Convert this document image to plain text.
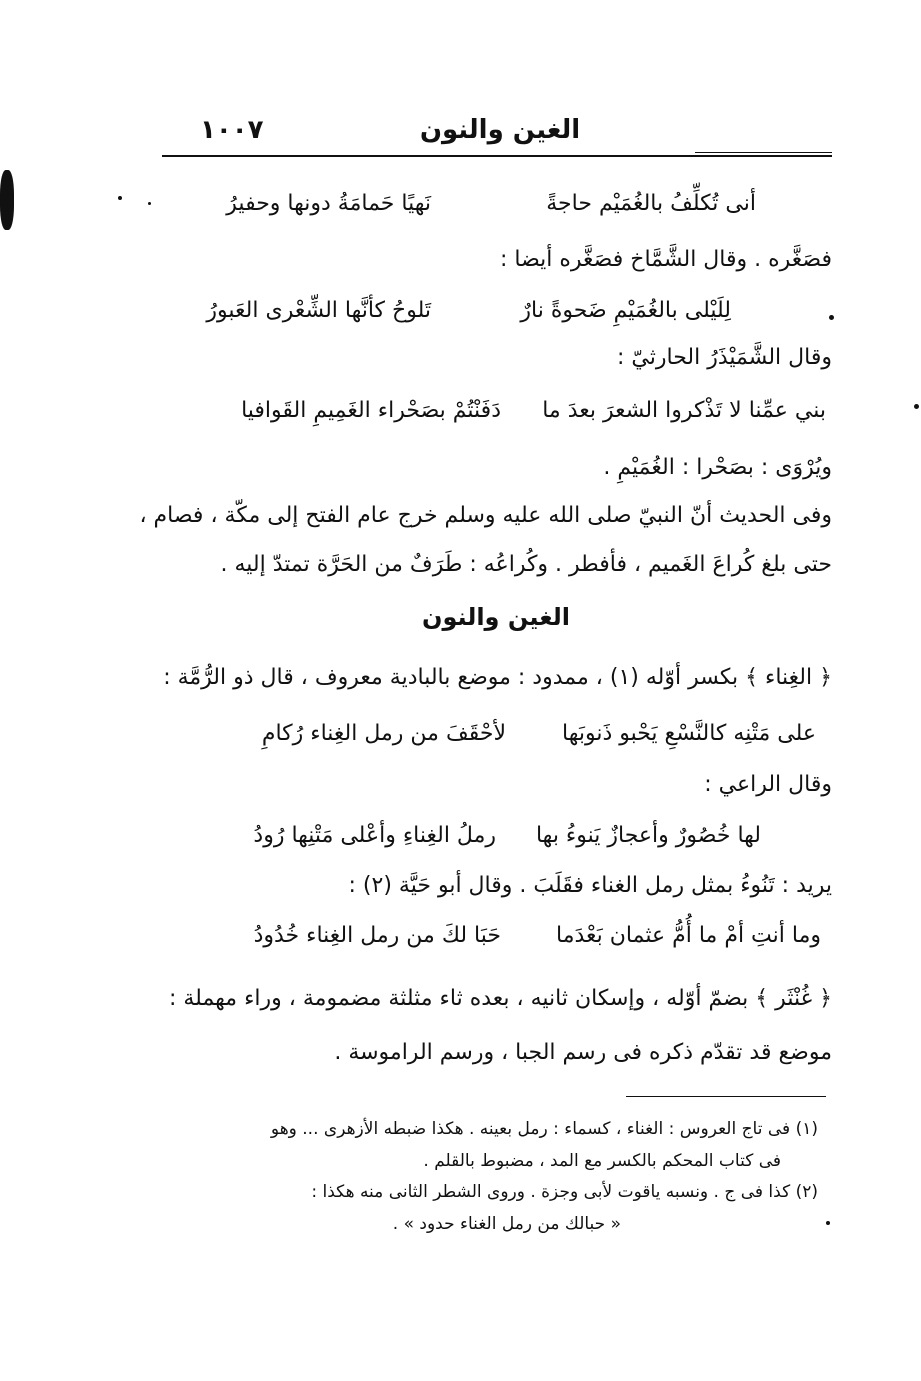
الغين والنون
١٠٠٧
أنى تُكلِّفُ بالغُمَيْم حاجةً
نَهيًا حَمامَةُ دونها وحفيرُ
فصَغَّره . وقال الشَّمَّاخ فصَغَّره أيضا :
لِلَيْلى بالغُمَيْمِ ضَحوةً نارٌ
تَلوحُ كأنَّها الشِّعْرى العَبورُ
وقال الشَّمَيْذَرُ الحارثيّ :
بني عمِّنا لا تَذْكروا الشعرَ بعدَ ما
دَفَنْتُمْ بصَحْراء الغَمِيمِ القَوافيا
ويُرْوَى : بصَحْرا : الغُمَيْمِ .
وفى الحديث أنّ النبيّ صلى الله عليه وسلم خرج عام الفتح إلى مكّة ، فصام ،
حتى بلغ كُراعَ الغَميم ، فأفطر . وكُراعُه : طَرَفٌ من الحَرَّة تمتدّ إليه .
الغين والنون
﴿ الغِناء ﴾ بكسر أوّله (١) ، ممدود : موضع بالبادية معروف ، قال ذو الرُّمَّة :
على مَتْنِه كالنَّسْعِ يَحْبو ذَنوبَها
لأحْقَفَ من رمل الغِناء رُكامِ
وقال الراعي :
لها خُصُورٌ وأعجازٌ يَنوءُ بها
رملُ الغِناءِ وأعْلى مَتْنِها رُودُ
يريد : تَنُوءُ بمثل رمل الغناء فقَلَبَ . وقال أبو حَيَّة (٢) :
وما أنتِ أمْ ما أُمُّ عثمان بَعْدَما
حَبَا لكَ من رمل الغِناء خُدُودُ
﴿ غُنْثَر ﴾ بضمّ أوّله ، وإسكان ثانيه ، بعده ثاء مثلثة مضمومة ، وراء مهملة :
موضع قد تقدّم ذكره فى رسم الجبا ، ورسم الراموسة .
(١) فى تاج العروس : الغناء ، كسماء : رمل بعينه . هكذا ضبطه الأزهرى ... وهو
فى كتاب المحكم بالكسر مع المد ، مضبوط بالقلم .
(٢) كذا فى ج . ونسبه ياقوت لأبى وجزة . وروى الشطر الثانى منه هكذا :
« حبالك من رمل الغناء حدود » .
